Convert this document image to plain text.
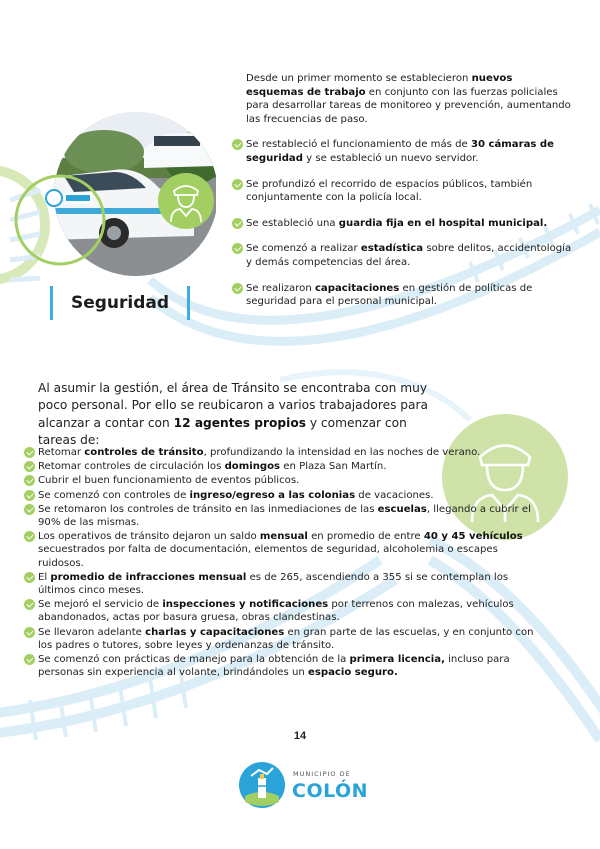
Seguridad
Desde un primer momento se establecieron nuevos esquemas de trabajo en conjunto con las fuerzas policiales para desarrollar tareas de monitoreo y prevención, aumentando las frecuencias de paso.
Se restableció el funcionamiento de más de 30 cámaras de seguridad y se estableció un nuevo servidor.
Se profundizó el recorrido de espacios públicos, también conjuntamente con la policía local.
Se estableció una guardia fija en el hospital municipal.
Se comenzó a realizar estadística sobre delitos, accidentología y demás competencias del área.
Se realizaron capacitaciones en gestión de políticas de seguridad para el personal municipal.
Al asumir la gestión, el área de Tránsito se encontraba con muy poco personal. Por ello se reubicaron a varios trabajadores para alcanzar a contar con 12 agentes propios y comenzar con tareas de:
Retomar controles de tránsito, profundizando la intensidad en las noches de verano.
Retomar controles de circulación los domingos en Plaza San Martín.
Cubrir el buen funcionamiento de eventos públicos.
Se comenzó con controles de ingreso/egreso a las colonias de vacaciones.
Se retomaron los controles de tránsito en las inmediaciones de las escuelas, llegando a cubrir el 90% de las mismas.
Los operativos de tránsito dejaron un saldo mensual en promedio de entre 40 y 45 vehículos secuestrados por falta de documentación, elementos de seguridad, alcoholemia o escapes ruidosos.
El promedio de infracciones mensual es de 265, ascendiendo a 355 si se contemplan los últimos cinco meses.
Se mejoró el servicio de inspecciones y notificaciones por terrenos con malezas, vehículos abandonados, actas por basura gruesa, obras clandestinas.
Se llevaron adelante charlas y capacitaciones en gran parte de las escuelas, y en conjunto con los padres o tutores, sobre leyes y ordenanzas de tránsito.
Se comenzó con prácticas de manejo para la obtención de la primera licencia, incluso para personas sin experiencia al volante, brindándoles un espacio seguro.
14
MUNICIPIO DE
COLÓN
